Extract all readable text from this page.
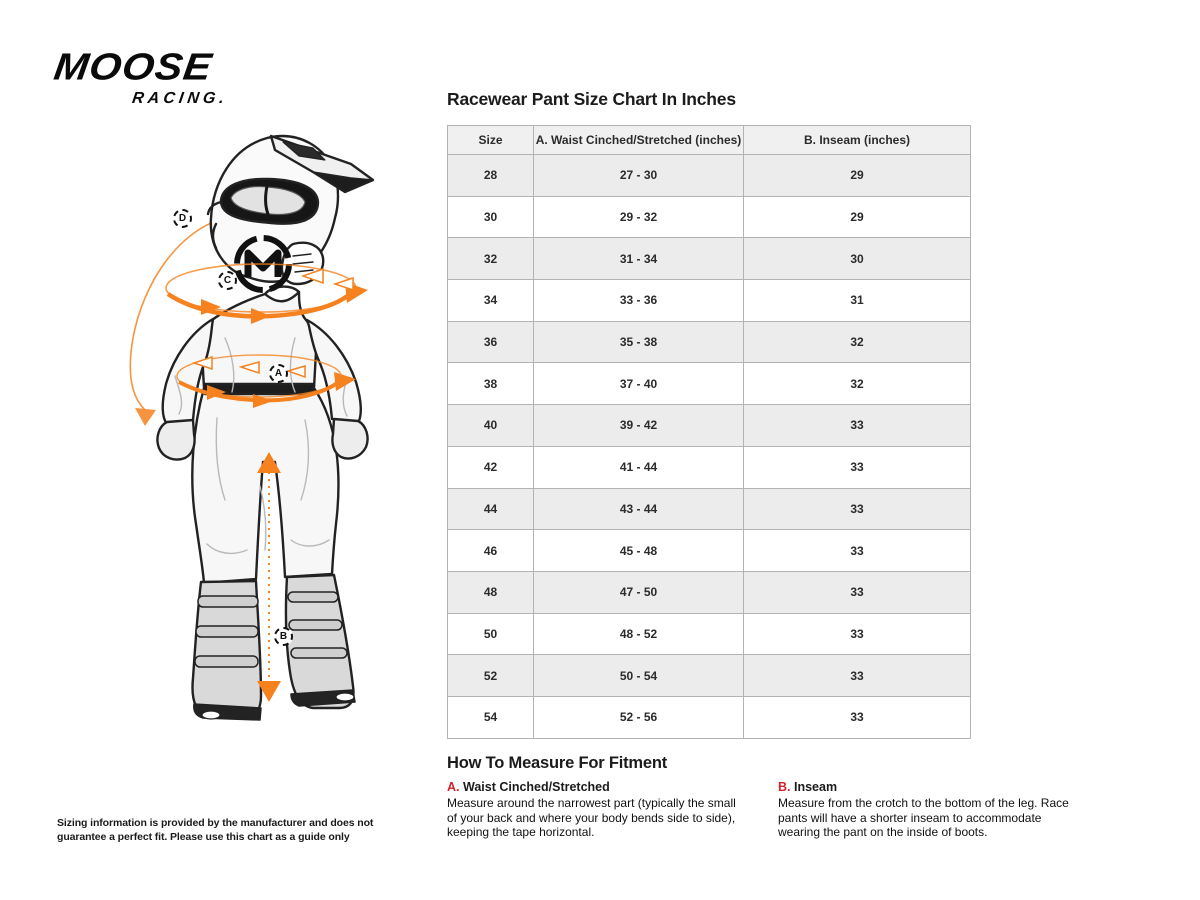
MOOSE
RACING.
D
C
A
B
Racewear Pant Size Chart In Inches
Size	A. Waist Cinched/Stretched (inches)	B. Inseam (inches)
28	27 - 30	29
30	29 - 32	29
32	31 - 34	30
34	33 - 36	31
36	35 - 38	32
38	37 - 40	32
40	39 - 42	33
42	41 - 44	33
44	43 - 44	33
46	45 - 48	33
48	47 - 50	33
50	48 - 52	33
52	50 - 54	33
54	52 - 56	33
How To Measure For Fitment
A. Waist Cinched/Stretched
Measure around the narrowest part (typically the small of your back and where your body bends side to side), keeping the tape horizontal.
B. Inseam
Measure from the crotch to the bottom of the leg. Race pants will have a shorter inseam to accommodate wearing the pant on the inside of boots.
Sizing information is provided by the manufacturer and does not guarantee a perfect fit. Please use this chart as a guide only
